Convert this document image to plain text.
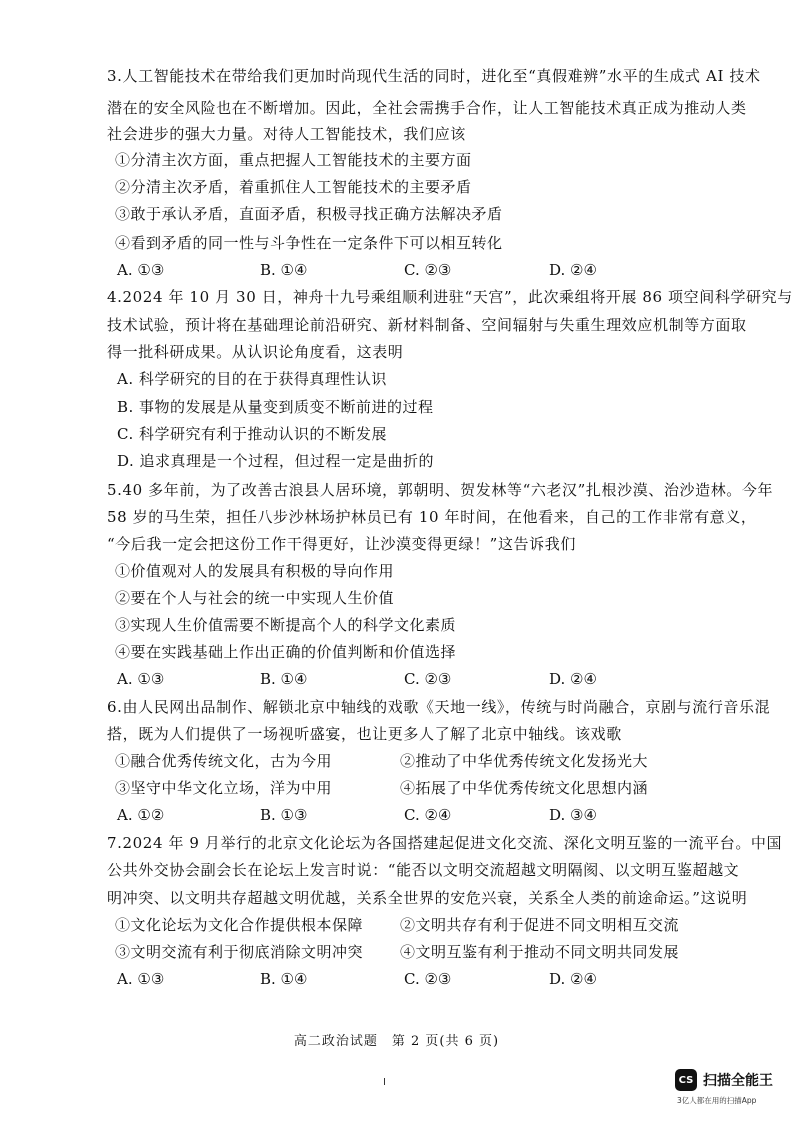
3.人工智能技术在带给我们更加时尚现代生活的同时，进化至“真假难辨”水平的生成式 AI 技术
潜在的安全风险也在不断增加。因此，全社会需携手合作，让人工智能技术真正成为推动人类
社会进步的强大力量。对待人工智能技术，我们应该
①分清主次方面，重点把握人工智能技术的主要方面
②分清主次矛盾，着重抓住人工智能技术的主要矛盾
③敢于承认矛盾，直面矛盾，积极寻找正确方法解决矛盾
④看到矛盾的同一性与斗争性在一定条件下可以相互转化
A. ①③	B. ①④	C. ②③	D. ②④
4.2024 年 10 月 30 日，神舟十九号乘组顺利进驻“天宫”，此次乘组将开展 86 项空间科学研究与
技术试验，预计将在基础理论前沿研究、新材料制备、空间辐射与失重生理效应机制等方面取
得一批科研成果。从认识论角度看，这表明
A. 科学研究的目的在于获得真理性认识
B. 事物的发展是从量变到质变不断前进的过程
C. 科学研究有利于推动认识的不断发展
D. 追求真理是一个过程，但过程一定是曲折的
5.40 多年前，为了改善古浪县人居环境，郭朝明、贺发林等“六老汉”扎根沙漠、治沙造林。今年
58 岁的马生荣，担任八步沙林场护林员已有 10 年时间，在他看来，自己的工作非常有意义，
“今后我一定会把这份工作干得更好，让沙漠变得更绿！”这告诉我们
①价值观对人的发展具有积极的导向作用
②要在个人与社会的统一中实现人生价值
③实现人生价值需要不断提高个人的科学文化素质
④要在实践基础上作出正确的价值判断和价值选择
A. ①③	B. ①④	C. ②③	D. ②④
6.由人民网出品制作、解锁北京中轴线的戏歌《天地一线》，传统与时尚融合，京剧与流行音乐混
搭，既为人们提供了一场视听盛宴，也让更多人了解了北京中轴线。该戏歌
①融合优秀传统文化，古为今用	②推动了中华优秀传统文化发扬光大
③坚守中华文化立场，洋为中用	④拓展了中华优秀传统文化思想内涵
A. ①②	B. ①③	C. ②④	D. ③④
7.2024 年 9 月举行的北京文化论坛为各国搭建起促进文化交流、深化文明互鉴的一流平台。中国
公共外交协会副会长在论坛上发言时说：“能否以文明交流超越文明隔阂、以文明互鉴超越文
明冲突、以文明共存超越文明优越，关系全世界的安危兴衰，关系全人类的前途命运。”这说明
①文化论坛为文化合作提供根本保障 ②文明共存有利于促进不同文明相互交流
③文明交流有利于彻底消除文明冲突 ④文明互鉴有利于推动不同文明共同发展
A. ①③	B. ①④	C. ②③	D. ②④
高二政治试题　第 2 页(共 6 页)
CS 扫描全能王
3亿人都在用的扫描App
